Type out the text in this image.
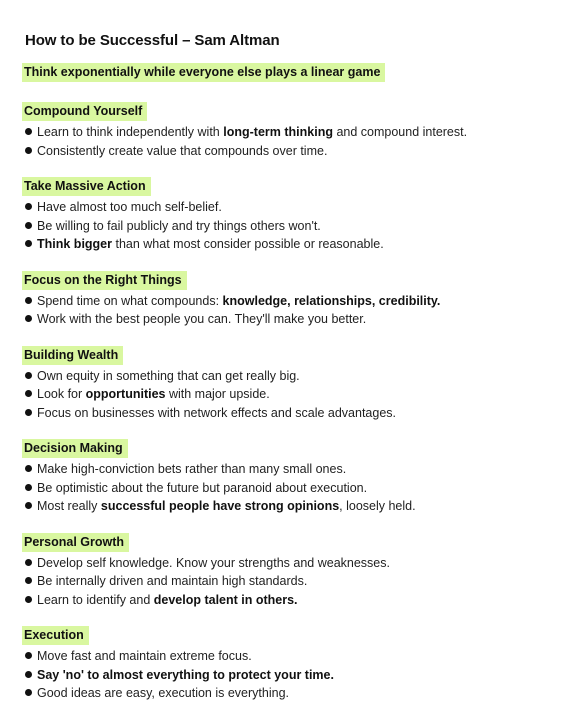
How to be Successful – Sam Altman
Think exponentially while everyone else plays a linear game
Compound Yourself
Learn to think independently with long-term thinking and compound interest.
Consistently create value that compounds over time.
Take Massive Action
Have almost too much self-belief.
Be willing to fail publicly and try things others won't.
Think bigger than what most consider possible or reasonable.
Focus on the Right Things
Spend time on what compounds: knowledge, relationships, credibility.
Work with the best people you can. They'll make you better.
Building Wealth
Own equity in something that can get really big.
Look for opportunities with major upside.
Focus on businesses with network effects and scale advantages.
Decision Making
Make high-conviction bets rather than many small ones.
Be optimistic about the future but paranoid about execution.
Most really successful people have strong opinions, loosely held.
Personal Growth
Develop self knowledge. Know your strengths and weaknesses.
Be internally driven and maintain high standards.
Learn to identify and develop talent in others.
Execution
Move fast and maintain extreme focus.
Say 'no' to almost everything to protect your time.
Good ideas are easy, execution is everything.
